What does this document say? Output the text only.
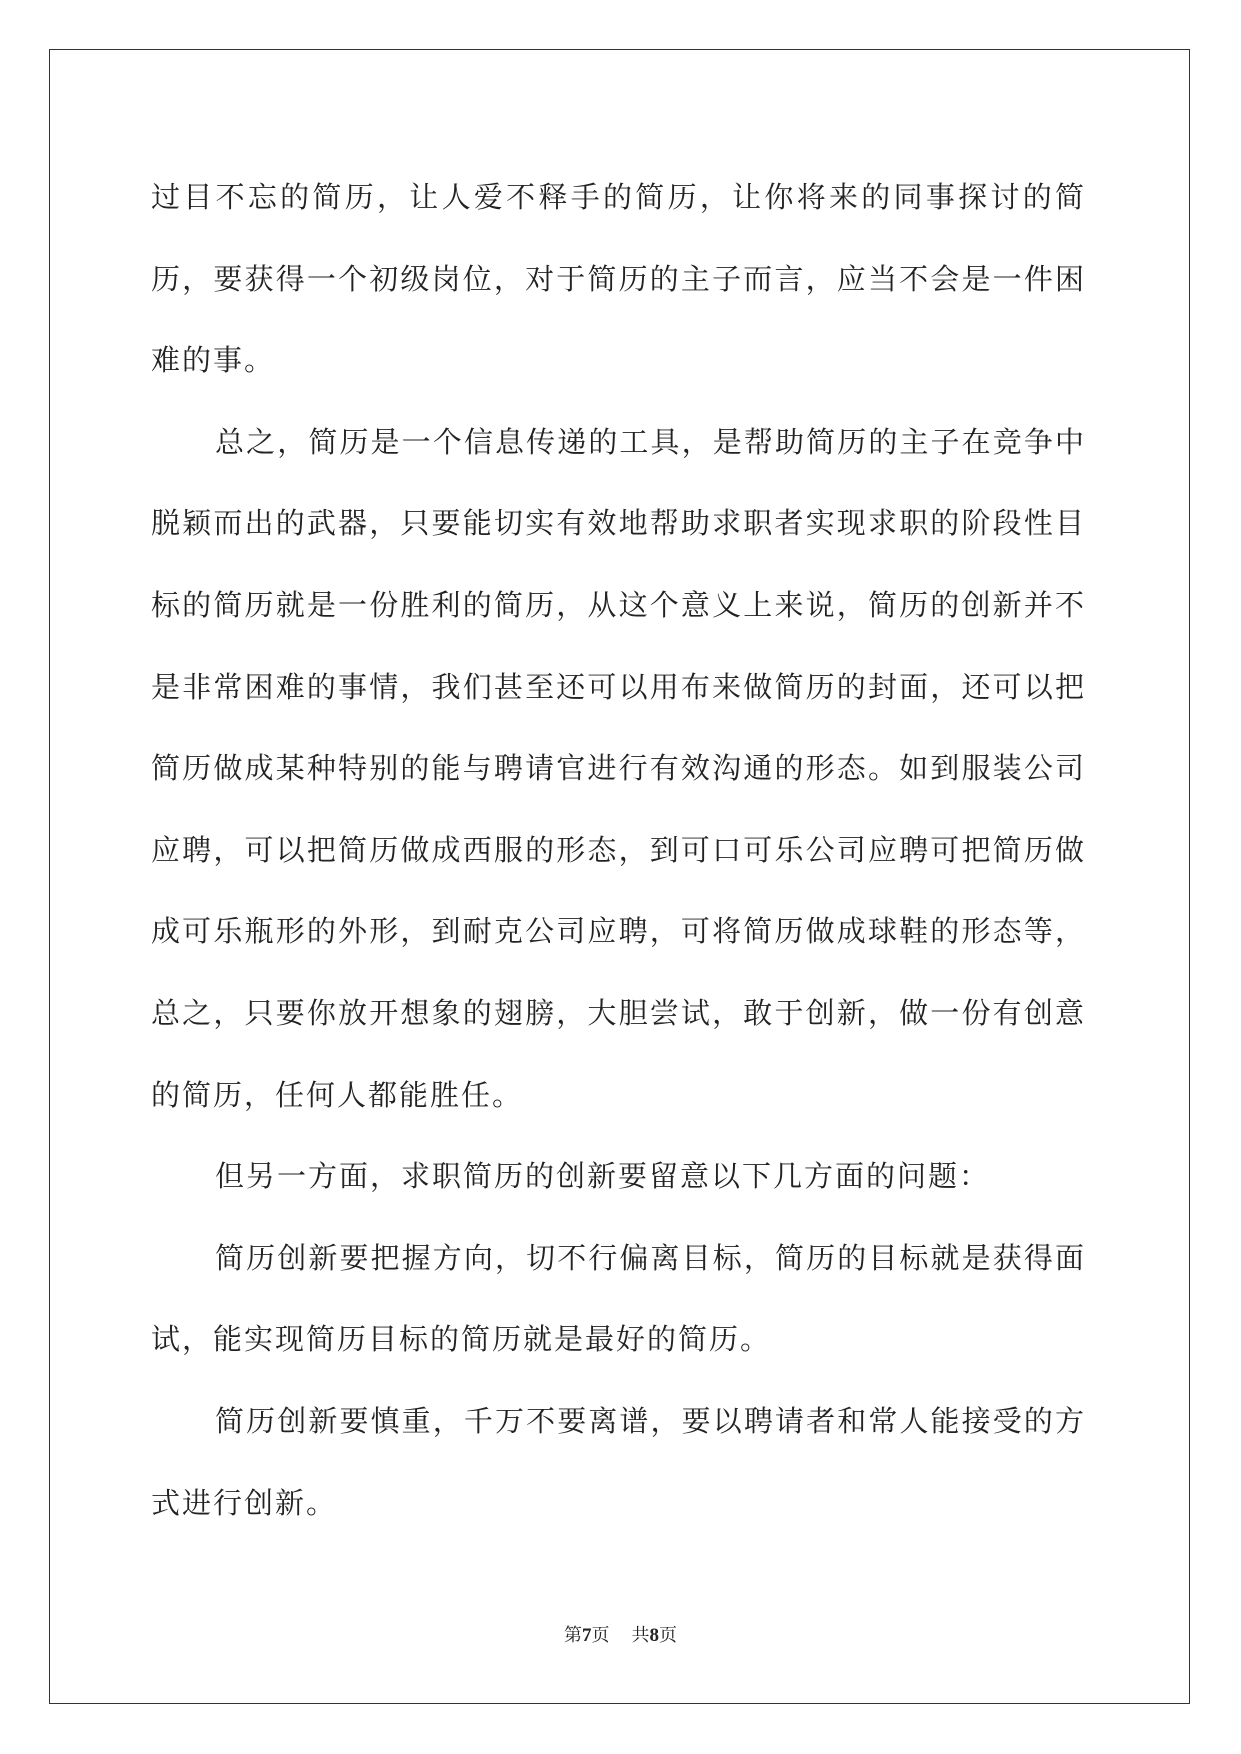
过目不忘的简历，让人爱不释手的简历，让你将来的同事探讨的简历，要获得一个初级岗位，对于简历的主子而言，应当不会是一件困难的事。

总之，简历是一个信息传递的工具，是帮助简历的主子在竞争中脱颖而出的武器，只要能切实有效地帮助求职者实现求职的阶段性目标的简历就是一份胜利的简历，从这个意义上来说，简历的创新并不是非常困难的事情，我们甚至还可以用布来做简历的封面，还可以把简历做成某种特别的能与聘请官进行有效沟通的形态。如到服装公司应聘，可以把简历做成西服的形态，到可口可乐公司应聘可把简历做成可乐瓶形的外形，到耐克公司应聘，可将简历做成球鞋的形态等，总之，只要你放开想象的翅膀，大胆尝试，敢于创新，做一份有创意的简历，任何人都能胜任。

但另一方面，求职简历的创新要留意以下几方面的问题：

简历创新要把握方向，切不行偏离目标，简历的目标就是获得面试，能实现简历目标的简历就是最好的简历。

简历创新要慎重，千万不要离谱，要以聘请者和常人能接受的方式进行创新。

第7页 共8页
